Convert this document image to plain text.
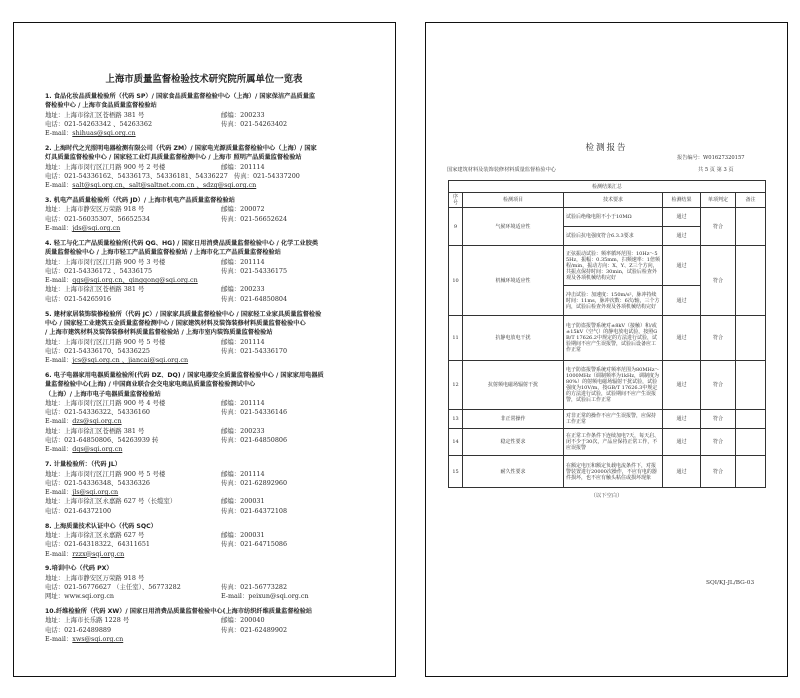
上海市质量监督检验技术研究院所属单位一览表
1. 食品化妆品质量检验所（代码 SP）/ 国家食品质量监督检验中心（上海）/ 国家保洁产品质量监
督检验中心 / 上海市食品质量监督检验站
地址：上海市徐汇区苍梧路 381 号	邮编：200233
电话：021-54263342 、54263362	传真：021-54263402
E-mail： shihuas@sqi.org.cn
2. 上海时代之光照明电器检测有限公司（代码 ZM）/ 国家电光源质量监督检验中心（上海）/ 国家
灯具质量监督检验中心 / 国家轻工业灯具质量监督检测中心 / 上海市 照明产品质量监督检验站
地址：上海市闵行区江月路 900 号 2 号楼	邮编：201114
电话：021-54336162、54336173、54336181、54336227 传真：021-54337200
E-mail： salt@sqi.org.cn、salt@saltnet.com.cn 、sdzg@sqi.org.cn
3. 机电产品质量检验所（代码 JD）/ 上海市机电产品质量监督检验站
地址：上海市静安区万荣路 918 号	邮编：200072
电话：021-56035307、56652534	传真：021-56652624
E-mail： jds@sqi.org.cn
4. 轻工与化工产品质量检验所(代码 QG、HG) / 国家日用消费品质量监督检验中心 / 化学工业胶类
质量监督检验中心 / 上海市轻工产品质量监督检验站 / 上海市化工产品质量监督检验站
地址：上海市闵行区江月路 900 号 3 号楼	邮编：201114
电话：021-54336172 、54336175	传真：021-54336175
E-mail： qgs@sqi.org.cn、qingqong@sqi.org.cn
地址：上海市徐汇区苍梧路 381 号	邮编：200233
电话：021-54265916	传真：021-64850804
5. 建材家居装饰装修检验所（代码 JC）/ 国家家具质量监督检验中心 / 国家轻工业家具质量监督检验
中心 / 国家轻工业建筑五金质量监督检测中心 / 国家建筑材料及装饰装修材料质量监督检验中心
/ 上海市建筑材料及装饰装修材料质量监督检验站 / 上海市室内装饰质量监督检验站
地址：上海市闵行区江月路 900 号 5 号楼	邮编：201114
电话：021-54336170、54336225	传真：021-54336170
E-mail： jcs@sqi.org.cn 、jiancai@sqi.org.cn
6. 电子电器家用电器质量检验所(代码 DZ、DQ) / 国家电器安全质量监督检验中心 / 国家家用电器质
量监督检验中心(上海) / 中国商业联合会交电家电商品质量监督检验测试中心
（上海）/ 上海市电子电器质量监督检验站
地址：上海市闵行区江月路 900 号 4 号楼	邮编：201114
电话：021-54336322、54336160	传真：021-54336146
E-mail： dzs@sqi.org.cn
地址：上海市徐汇区苍梧路 381 号	邮编：200233
电话：021-64850806、54263939 转	传真：021-64850806
E-mail： dqs@sqi.org.cn
7. 计量检验所：（代码 JL）
地址：上海市闵行区江月路 900 号 5 号楼	邮编：201114
电话：021-54336348、54336326	传真：021-62892960
E-mail： jls@sqi.org.cn
地址：上海市徐汇区永嘉路 627 号（长缆室）	邮编：200031
电话：021-64372100	传真：021-64372108
8. 上海质量技术认证中心（代码 SQC）
地址：上海市徐汇区永嘉路 627 号	邮编：200031
电话：021-64318322、64311651	传真：021-64715086
E-mail： rzzx@sqi.org.cn
9.培训中心（代码 PX）
地址：上海市静安区万荣路 918 号
电话：021-56776627 （主任室）、56773282	传真：021-56773282
网址：www.sqi.org.cn	E-mail：peixun@sqi.org.cn
10.纤维检验所（代码 XW）/ 国家日用消费品质量监督检验中心(上海市纺织纤维质量监督检验站
地址：上海市长乐路 1228 号	邮编：200040
电话：021-62489889	传真：021-62489902
E-mail： xws@sqi.org.cn
检测报告
报告编号：W01627320157
国家建筑材料及装饰装修材料质量监督检验中心	共 5 页 第 3 页
检测结果汇总					
序号	检测项目	技术要求	检测结果	单项判定	备注
9	气候环境适应性	试验后绝缘电阻不小于10MΩ	通过	符合	
		试验后抗电强度符合6.3.3要求	通过		
10	机械环境适应性	正弦振动试验：频率循环范围：10Hz～55Hz，振幅：0.35mm，扫频速率：1倍频程/min，振动方向：X、Y、Z三个方向，共振点保持时间：30min，试验后检查外观及各项机械结构完好	通过	符合	
		冲击试验：加速度：150m/s²，脉冲持续时间：11ms，脉冲次数：6次/轴，三个方向，试验后检查外观及各项机械结构完好	通过		
11	抗静电放电干扰	电子防盗报警系统对±8kV（接触）和/或±15kV（空气）的静电放电试验，按照GB/T 17626.2中规定的方法进行试验，试验期间不应产生误报警，试验后设备应工作正常	通过	符合	
12	抗射频电磁场辐射干扰	电子防盗报警系统对频率范围为80MHz～1000MHz（调制频率为1kHz，调制度为80%）的射频电磁场辐射干扰试验，试验强度为10V/m，按GB/T 17626.3中规定的方法进行试验，试验期间不应产生误报警，试验后工作正常	通过	符合	
13	非正常操作	对非正常的操作不应产生误报警，应保持工作正常	通过	符合	
14	稳定性要求	在正常工作条件下连续加电7天，每天启、闭不少于30次，产品应保持正常工作，不应误报警	通过	符合	
15	耐久性要求	在额定电压和额定负载电流条件下，对报警装置进行20000次操作，不应有电的器件损坏，也不应有触头粘住或损坏现象	通过	符合	
（以下空白）
SQI/KJ-JL/BG-03
